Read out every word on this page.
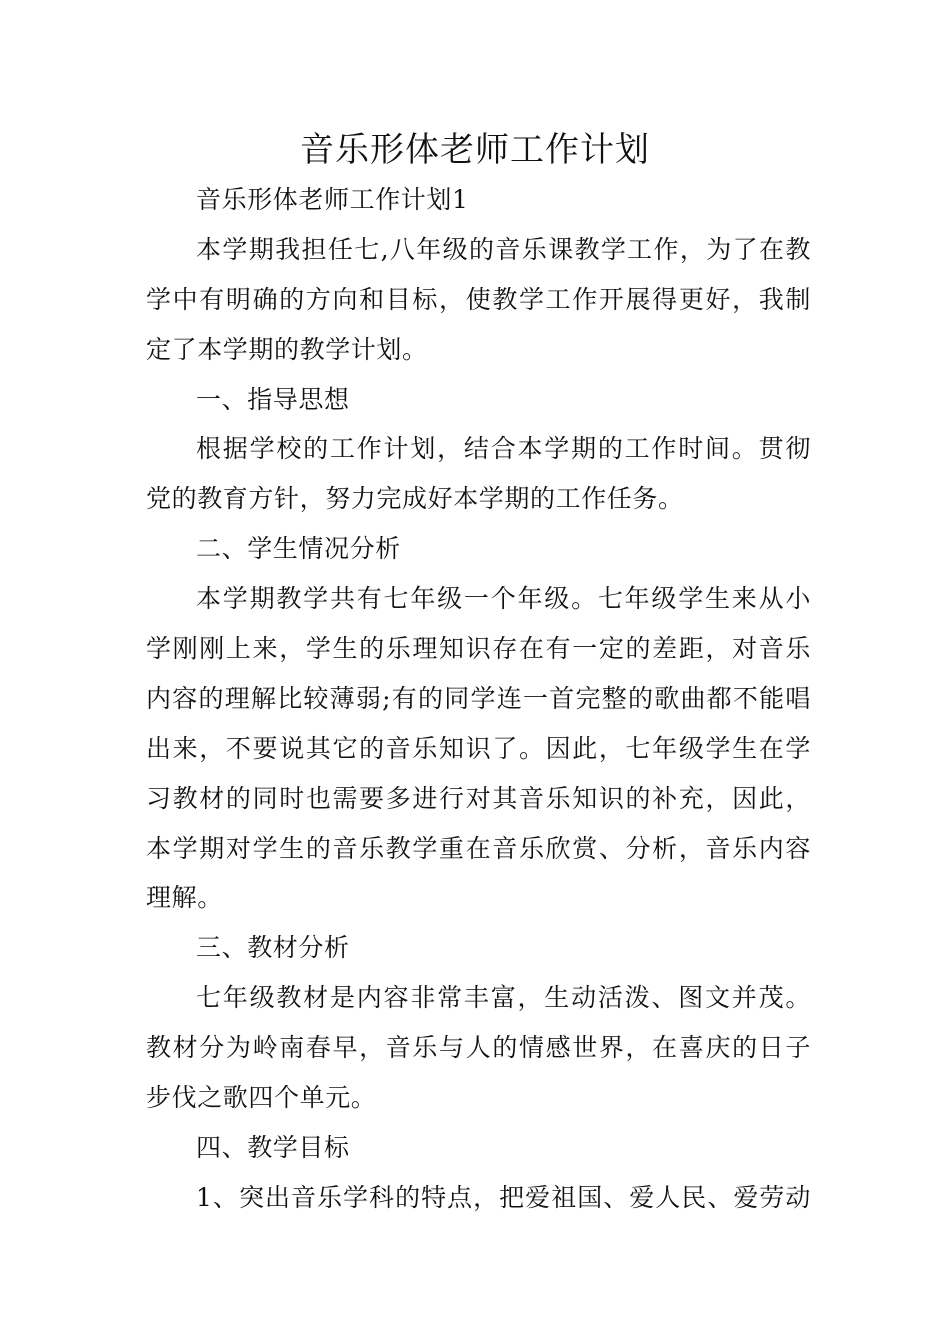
音乐形体老师工作计划
音乐形体老师工作计划1
本学期我担任七,八年级的音乐课教学工作，为了在教
学中有明确的方向和目标，使教学工作开展得更好，我制
定了本学期的教学计划。
一、指导思想
根据学校的工作计划，结合本学期的工作时间。贯彻
党的教育方针，努力完成好本学期的工作任务。
二、学生情况分析
本学期教学共有七年级一个年级。七年级学生来从小
学刚刚上来，学生的乐理知识存在有一定的差距，对音乐
内容的理解比较薄弱;有的同学连一首完整的歌曲都不能唱
出来，不要说其它的音乐知识了。因此，七年级学生在学
习教材的同时也需要多进行对其音乐知识的补充，因此，
本学期对学生的音乐教学重在音乐欣赏、分析，音乐内容
理解。
三、教材分析
七年级教材是内容非常丰富，生动活泼、图文并茂。
教材分为岭南春早，音乐与人的情感世界，在喜庆的日子
步伐之歌四个单元。
四、教学目标
1、突出音乐学科的特点，把爱祖国、爱人民、爱劳动
